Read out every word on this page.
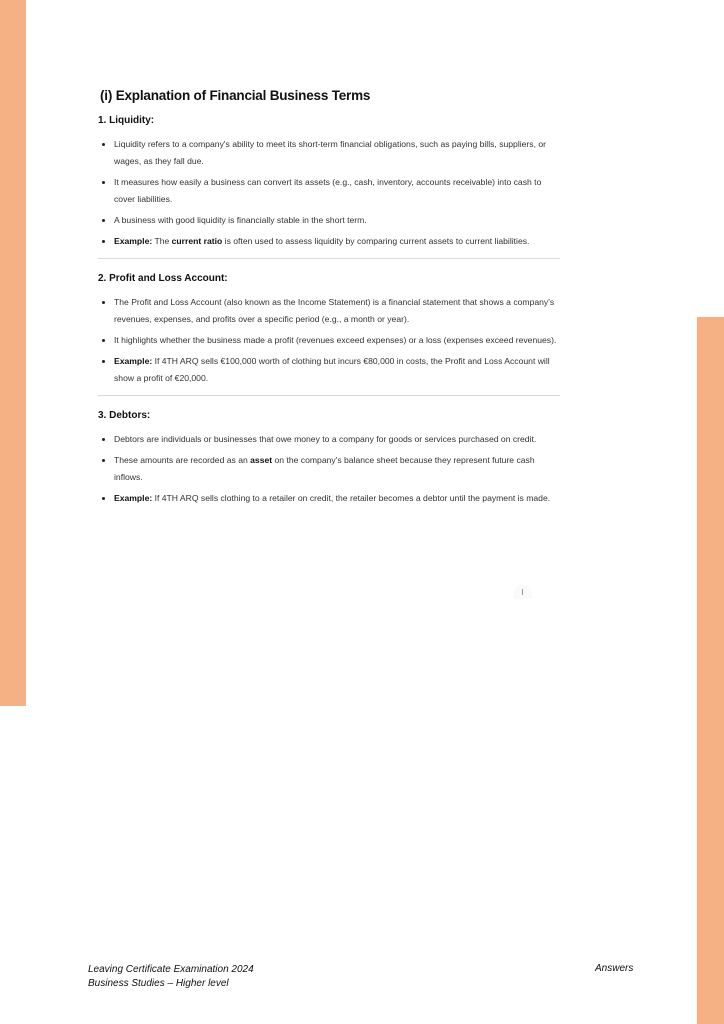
(i) Explanation of Financial Business Terms
1. Liquidity:
Liquidity refers to a company's ability to meet its short-term financial obligations, such as paying bills, suppliers, or wages, as they fall due.
It measures how easily a business can convert its assets (e.g., cash, inventory, accounts receivable) into cash to cover liabilities.
A business with good liquidity is financially stable in the short term.
Example: The current ratio is often used to assess liquidity by comparing current assets to current liabilities.
2. Profit and Loss Account:
The Profit and Loss Account (also known as the Income Statement) is a financial statement that shows a company's revenues, expenses, and profits over a specific period (e.g., a month or year).
It highlights whether the business made a profit (revenues exceed expenses) or a loss (expenses exceed revenues).
Example: If 4TH ARQ sells €100,000 worth of clothing but incurs €80,000 in costs, the Profit and Loss Account will show a profit of €20,000.
3. Debtors:
Debtors are individuals or businesses that owe money to a company for goods or services purchased on credit.
These amounts are recorded as an asset on the company's balance sheet because they represent future cash inflows.
Example: If 4TH ARQ sells clothing to a retailer on credit, the retailer becomes a debtor until the payment is made.
Leaving Certificate Examination 2024
Business Studies – Higher level
Answers
